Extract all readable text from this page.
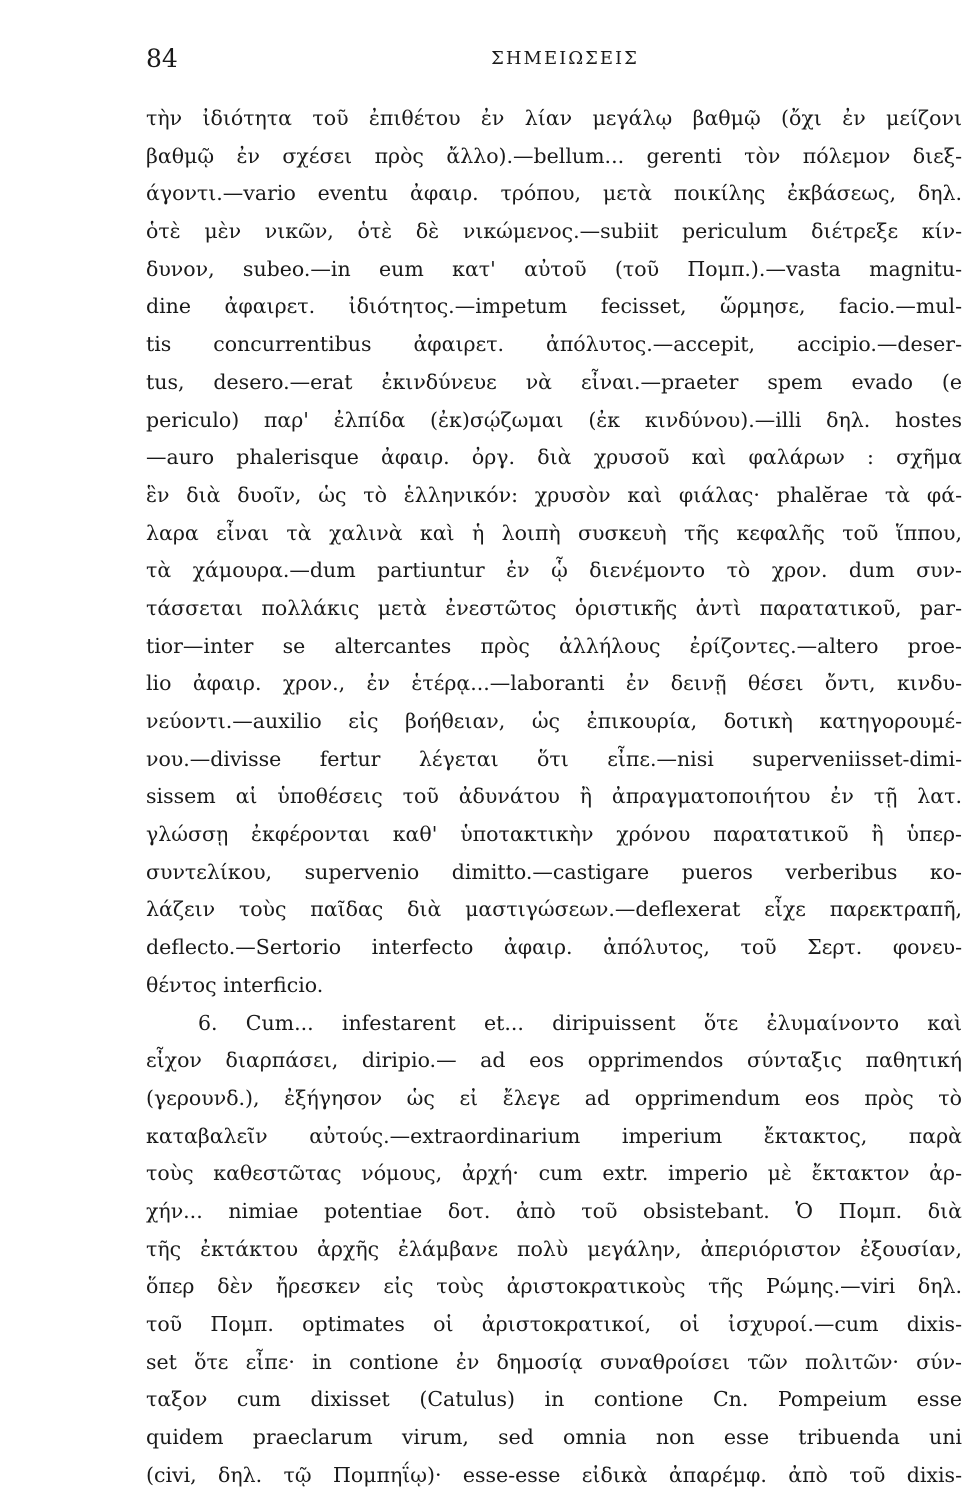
84	ΣΗΜΕΙΩΣΕΙΣ
τὴν ἰδιότητα τοῦ ἐπιθέτου ἐν λίαν μεγάλῳ βαθμῷ (ὄχι ἐν μείζονι
βαθμῷ ἐν σχέσει πρὸς ἄλλο).—bellum... gerenti τὸν πόλεμον διεξ-
άγοντι.—vario eventu ἀφαιρ. τρόπου, μετὰ ποικίλης ἐκβάσεως, δηλ.
ὁτὲ μὲν νικῶν, ὁτὲ δὲ νικώμενος.—subiit periculum διέτρεξε κίν-
δυνον, subeo.—in eum κατ' αὐτοῦ (τοῦ Πομπ.).—vasta magnitu-
dine ἀφαιρετ. ἰδιότητος.—impetum fecisset, ὥρμησε, facio.—mul-
tis concurrentibus ἀφαιρετ. ἀπόλυτος.—accepit, accipio.—deser-
tus, desero.—erat ἐκινδύνευε νὰ εἶναι.—praeter spem evado (e
periculo) παρ' ἐλπίδα (ἐκ)σῴζωμαι (ἐκ κινδύνου).—illi δηλ. hostes
—auro phalerisque ἀφαιρ. ὀργ. διὰ χρυσοῦ καὶ φαλάρων : σχῆμα
ἓν διὰ δυοῖν, ὡς τὸ ἑλληνικόν: χρυσὸν καὶ φιάλας· phalĕrae τὰ φά-
λαρα εἶναι τὰ χαλινὰ καὶ ἡ λοιπὴ συσκευὴ τῆς κεφαλῆς τοῦ ἵππου,
τὰ χάμουρα.—dum partiuntur ἐν ᾧ διενέμοντο τὸ χρον. dum συν-
τάσσεται πολλάκις μετὰ ἐνεστῶτος ὁριστικῆς ἀντὶ παρατατικοῦ, par-
tior—inter se altercantes πρὸς ἀλλήλους ἐρίζοντες.—altero proe-
lio ἀφαιρ. χρον., ἐν ἑτέρᾳ...—laboranti ἐν δεινῇ θέσει ὄντι, κινδυ-
νεύοντι.—auxilio εἰς βοήθειαν, ὡς ἐπικουρία, δοτικὴ κατηγορουμέ-
νου.—divisse fertur λέγεται ὅτι εἶπε.—nisi superveniisset-dimi-
sissem αἱ ὑποθέσεις τοῦ ἀδυνάτου ἢ ἀπραγματοποιήτου ἐν τῇ λατ.
γλώσσῃ ἐκφέρονται καθ' ὑποτακτικὴν χρόνου παρατατικοῦ ἢ ὑπερ-
συντελίκου, supervenio dimitto.—castigare pueros verberibus κο-
λάζειν τοὺς παῖδας διὰ μαστιγώσεων.—deflexerat εἶχε παρεκτραπῆ,
deflecto.—Sertorio interfecto ἀφαιρ. ἀπόλυτος, τοῦ Σερτ. φονευ-
θέντος interficio.
6. Cum... infestarent et... diripuissent ὅτε ἐλυμαίνοντο καὶ
εἶχον διαρπάσει, diripio.— ad eos opprimendos σύνταξις παθητική
(γερουνδ.), ἐξήγησον ὡς εἰ ἔλεγε ad opprimendum eos πρὸς τὸ
καταβαλεῖν αὐτούς.—extraordinarium imperium ἔκτακτος, παρὰ
τοὺς καθεστῶτας νόμους, ἀρχή· cum extr. imperio μὲ ἔκτακτον ἀρ-
χήν... nimiae potentiae δοτ. ἀπὸ τοῦ obsistebant. Ὁ Πομπ. διὰ
τῆς ἐκτάκτου ἀρχῆς ἐλάμβανε πολὺ μεγάλην, ἀπεριόριστον ἐξουσίαν,
ὅπερ δὲν ἤρεσκεν εἰς τοὺς ἀριστοκρατικοὺς τῆς Ρώμης.—viri δηλ.
τοῦ Πομπ. optimates οἱ ἀριστοκρατικοί, οἱ ἰσχυροί.—cum dixis-
set ὅτε εἶπε· in contione ἐν δημοσίᾳ συναθροίσει τῶν πολιτῶν· σύν-
ταξον cum dixisset (Catulus) in contione Cn. Pompeium esse
quidem praeclarum virum, sed omnia non esse tribuenda uni
(civi, δηλ. τῷ Πομπηΐῳ)· esse-esse εἰδικὰ ἀπαρέμφ. ἀπὸ τοῦ dixis-
